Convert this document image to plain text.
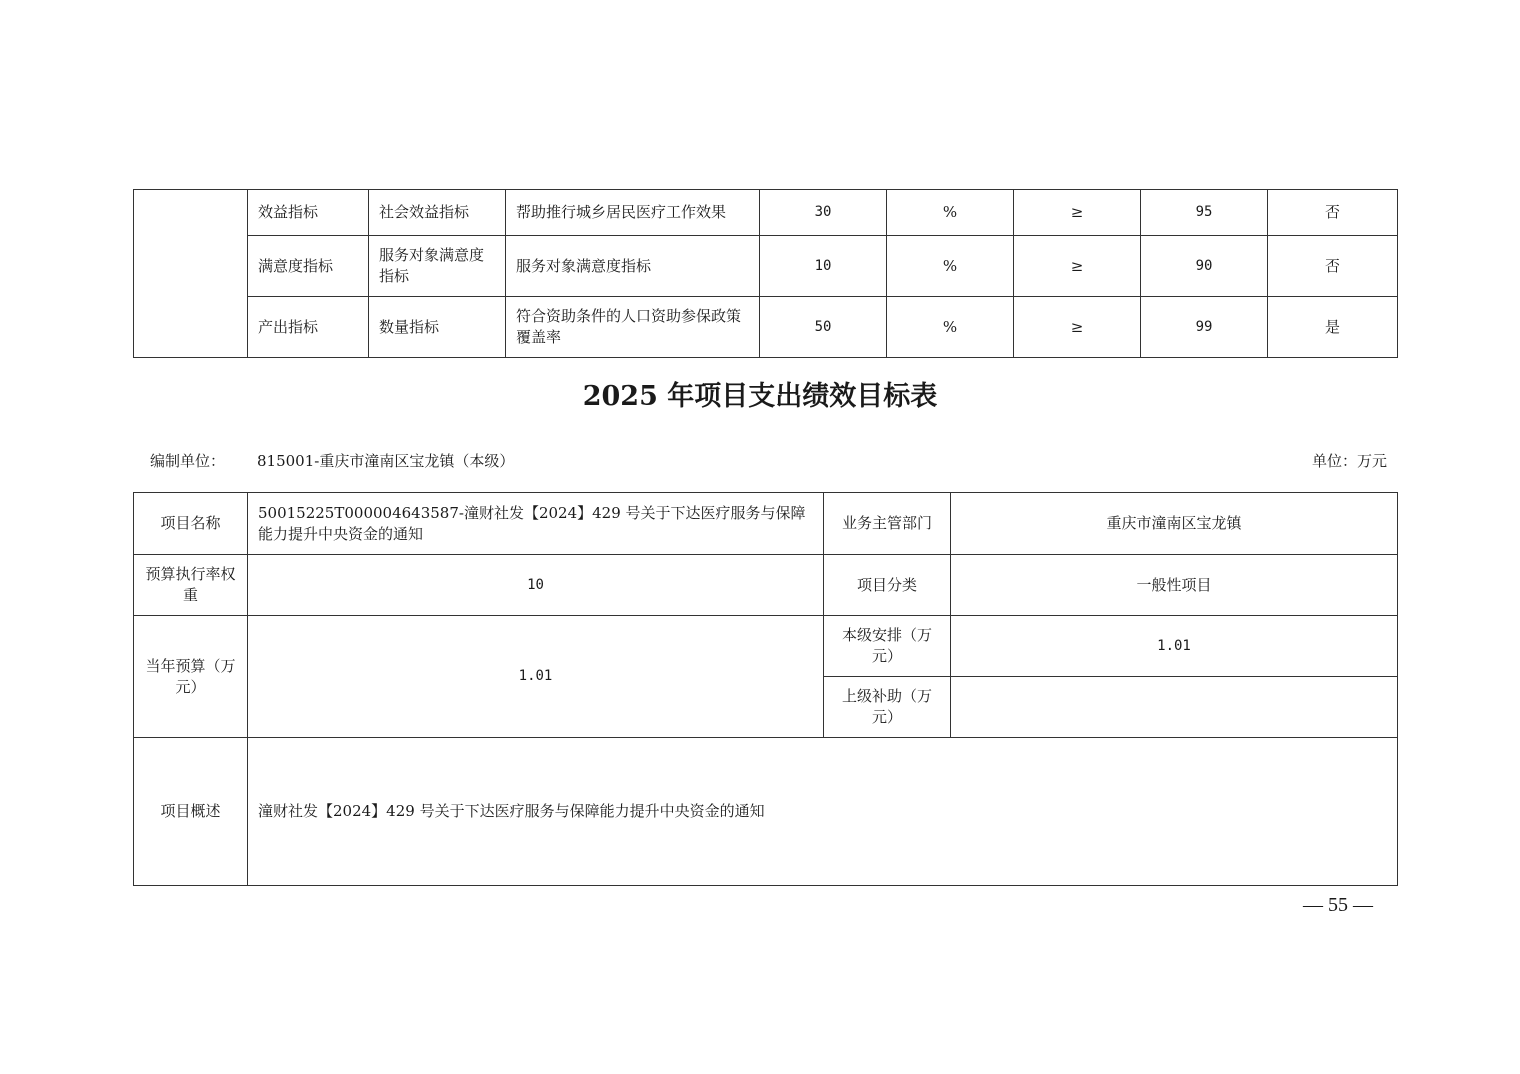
	效益指标	社会效益指标	帮助推行城乡居民医疗工作效果	30	%	≥	95	否
	满意度指标	服务对象满意度指标	服务对象满意度指标	10	%	≥	90	否
	产出指标	数量指标	符合资助条件的人口资助参保政策覆盖率	50	%	≥	99	是
2025 年项目支出绩效目标表
编制单位： 815001-重庆市潼南区宝龙镇（本级）	单位：万元
项目名称	50015225T000004643587-潼财社发【2024】429 号关于下达医疗服务与保障能力提升中央资金的通知	业务主管部门	重庆市潼南区宝龙镇
预算执行率权重	10	项目分类	一般性项目
当年预算（万元）	1.01	本级安排（万元）	1.01
		上级补助（万元）	
项目概述	潼财社发【2024】429 号关于下达医疗服务与保障能力提升中央资金的通知		
— 55 —
